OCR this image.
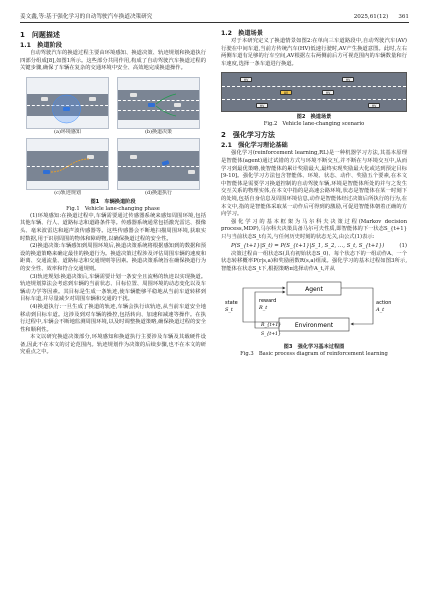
姜文鑫,等:基于强化学习的自动驾驶汽车换道决策研究	2025,61(12) 361
1　问题描述
1.1　换道阶段
自动驾驶汽车的换道过程主要由环境感知、换道决策、轨迹规划和换道执行四部分组成[8],如图1所示。这些部分共同作用,构成了自动驾驶汽车换道过程的关键步骤,确保了车辆在复杂的交通环境中安全、高效地完成换道操作。
(a)环境感知	(b)换道决策
(c)轨迹规划	(d)换道执行
图1　车辆换道阶段
Fig.1　Vehicle lane-changing phase
(1)环境感知:在换道过程中,车辆需要通过传感器系统来感知周围环境,包括其他车辆、行人、道路标志和道路条件等。传感器系统通常包括激光雷达、摄像头、毫米波雷达和超声波传感器等。这些传感器会不断地扫描周围环境,获取实时数据,用于识别周围的物体和障碍物,以确保换道过程的安全性。
(2)换道决策:车辆感知到周围环境后,换道决策系统将根据感知到的数据和预设的换道策略来确定最佳的换道行为。换道决策过程涉及评估周围车辆的速度和距离、交通流量、道路标志和交通规则等因素。换道决策系统旨在确保换道行为的安全性、效率和符合交通规则。
(3)轨迹规划:换道决策后,车辆需要计划一条安全且流畅的轨迹以实现换道。轨迹规划算法会考虑到车辆的当前状态、目标位置、周围环境的动态变化以及车辆动力学等因素。其目标是生成一条轨迹,使车辆能够平稳地从当前车道转移到目标车道,并尽量减少对周围车辆和交通的干扰。
(4)换道执行:一旦生成了换道的轨迹,车辆会执行该轨迹,从当前车道安全地移动到目标车道。这涉及到对车辆的操控,包括转向、加速和减速等操作。在执行过程中,车辆会不断地监测周围环境,以及时调整换道策略,确保换道过程的安全性和顺利性。
本文以研究换道决策部分,环境感知和换道执行主要涉及车辆及其载硬件设备,因此不在本文的讨论范围内。轨迹规划作为决策的后续步骤,也不在本文的研究重点之中。
1.2　换道场景
对于本研究定义了换道情景如图2:在单向三车道路段中,自动驾驶汽车(AV)行驶在中间车道,当前方传统汽车(HV)低速行驶时,AV产生换道意图。此时,左右两侧车道有足够的行车空间,AV根据左右两侧前后方可视范围内的车辆数量和行车速度,选择一条车道进行换道。
HV	HV
AV	HV
HV	HV
图2　换道场景
Fig.2　Vehicle lane-changing scenario
2　强化学习方法
2.1　强化学习理论基础
强化学习(reinforcement learning,RL)是一种机器学习方法,其基本原理是智能体(agent)通过试错的方式与环境不断交互,并不断在与环境交互中,从而学习到最优策略,使智能体的累计奖励最大,最终实现奖励最大化或达到预定目标[9-10]。强化学习方法包含智能体、环境、状态、动作、奖励五个要素,在本文中智能体是需要学习换道控制的自动驾驶车辆,环境是智能体所处的并与之发生交互关系的物理实体,在本文中指的是高速公路环境,状态是智能体在某一时刻下的处境,包括自身信息及周围环境信息,动作是智能体经过决策后所执行的行为,在本文中,指的是智能体采取某一动作后可得到的激励,可促进智能体朝着正确的方向学习。
强化学习的基本框架为马尔科夫决策过程(Markov decision process,MDP),马尔科夫决策具备马尔可夫性质,即智能体的下一状态S_{t+1}只与当前状态S_t有关,与任何历史时刻的状态无关,由公式(1)表示:
P(S_{t+1}|S_t) = P(S_{t+1}|S_1, S_2, …, S_t, S_{t+1})	(1)
决策过程由一组状态S(具有初始状态S_0)、每个状态下的一组动作A、一个状态转移概率P(r|s,a)和奖励函数R(s,a)组成。强化学习的基本过程如图3所示,智能体在状态S_t下,根据策略π选择动作A_t,并从
Agent
Environment
action
A_t
state
S_t
reward
R_t
R_{t+1}
S_{t+1}
图3　强化学习基本过程图
Fig.3　Basic process diagram of reinforcement learning
